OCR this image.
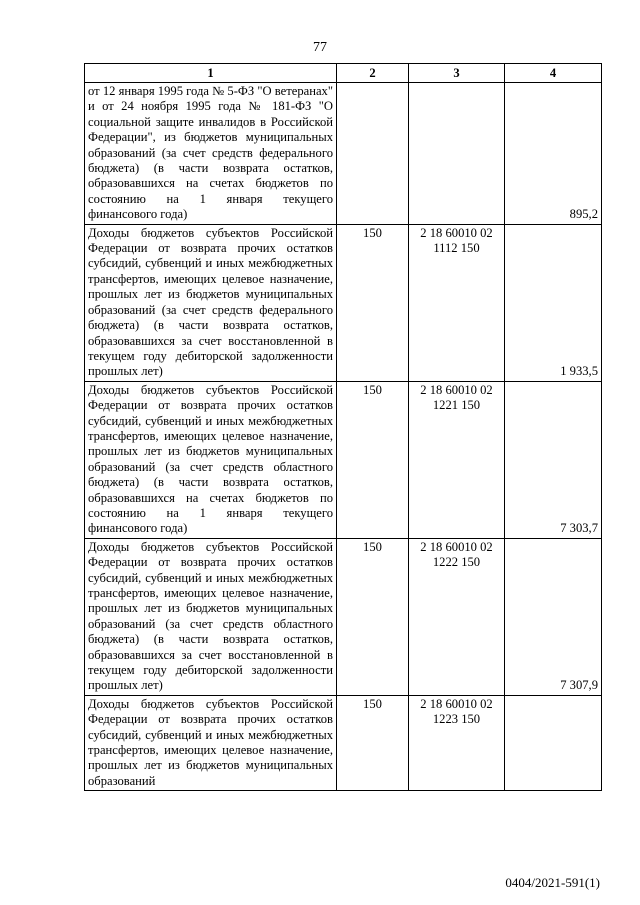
77
1	2	3	4
от 12 января 1995 года № 5-ФЗ "О ветеранах" и от 24 ноября 1995 года № 181-ФЗ "О социальной защите инвалидов в Российской Федерации", из бюджетов муниципальных образований (за счет средств федерального бюджета) (в части возврата остатков, образовавшихся на счетах бюджетов по состоянию на 1 января текущего финансового года)			895,2
Доходы бюджетов субъектов Российской Федерации от возврата прочих остатков субсидий, субвенций и иных межбюджетных трансфертов, имеющих целевое назначение, прошлых лет из бюджетов муниципальных образований (за счет средств федерального бюджета) (в части возврата остатков, образовавшихся за счет восстановленной в текущем году дебиторской задолженности прошлых лет)	150	2 18 60010 02 1112 150	1 933,5
Доходы бюджетов субъектов Российской Федерации от возврата прочих остатков субсидий, субвенций и иных межбюджетных трансфертов, имеющих целевое назначение, прошлых лет из бюджетов муниципальных образований (за счет средств областного бюджета) (в части возврата остатков, образовавшихся на счетах бюджетов по состоянию на 1 января текущего финансового года)	150	2 18 60010 02 1221 150	7 303,7
Доходы бюджетов субъектов Российской Федерации от возврата прочих остатков субсидий, субвенций и иных межбюджетных трансфертов, имеющих целевое назначение, прошлых лет из бюджетов муниципальных образований (за счет средств областного бюджета) (в части возврата остатков, образовавшихся за счет восстановленной в текущем году дебиторской задолженности прошлых лет)	150	2 18 60010 02 1222 150	7 307,9
Доходы бюджетов субъектов Российской Федерации от возврата прочих остатков субсидий, субвенций и иных межбюджетных трансфертов, имеющих целевое назначение, прошлых лет из бюджетов муниципальных образований	150	2 18 60010 02 1223 150	
0404/2021-591(1)
